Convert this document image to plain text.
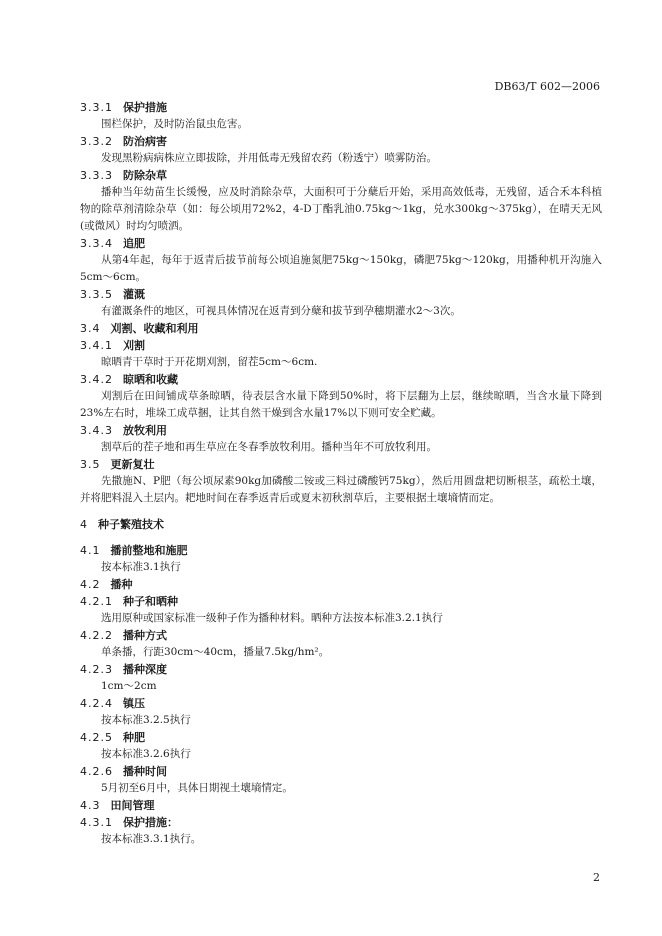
DB63/T 602—2006
3.3.1 保护措施
围栏保护，及时防治鼠虫危害。
3.3.2 防治病害
发现黑粉病病株应立即拔除，并用低毒无残留农药（粉透宁）喷雾防治。
3.3.3 防除杂草
播种当年幼苗生长缓慢，应及时消除杂草，大面积可于分蘖后开始，采用高效低毒，无残留，适合禾本科植物的除草剂清除杂草（如：每公顷用72%2，4-D丁酯乳油0.75kg～1kg，兑水300kg～375kg），在晴天无风(或微风）时均匀喷洒。
3.3.4 追肥
从第4年起，每年于返青后拔节前每公顷追施氮肥75kg～150kg，磷肥75kg～120kg，用播种机开沟施入5cm～6cm。
3.3.5 灌溉
有灌溉条件的地区，可视具体情况在返青到分蘖和拔节到孕穗期灌水2～3次。
3.4 刈割、收藏和利用
3.4.1 刈割
晾晒青干草时于开花期刈割，留茬5cm～6cm.
3.4.2 晾晒和收藏
刈割后在田间铺成草条晾晒，待表层含水量下降到50%时，将下层翻为上层，继续晾晒，当含水量下降到23%左右时，堆垛工成草捆，让其自然干燥到含水量17%以下则可安全贮藏。
3.4.3 放牧利用
割草后的茬子地和再生草应在冬春季放牧利用。播种当年不可放牧利用。
3.5 更新复壮
先撒施N、P肥（每公顷尿素90kg加磷酸二铵或三料过磷酸钙75kg），然后用圆盘耙切断根茎，疏松土壤，并将肥料混入土层内。耙地时间在春季返青后或夏末初秋割草后，主要根据土壤墒情而定。
4 种子繁殖技术
4.1 播前整地和施肥
按本标准3.1执行
4.2 播种
4.2.1 种子和晒种
选用原种或国家标准一级种子作为播种材料。晒种方法按本标准3.2.1执行
4.2.2 播种方式
单条播，行距30cm～40cm，播量7.5kg/hm²。
4.2.3 播种深度
1cm～2cm
4.2.4 镇压
按本标准3.2.5执行
4.2.5 种肥
按本标准3.2.6执行
4.2.6 播种时间
5月初至6月中，具体日期视土壤墒情定。
4.3 田间管理
4.3.1 保护措施：
按本标准3.3.1执行。
2
